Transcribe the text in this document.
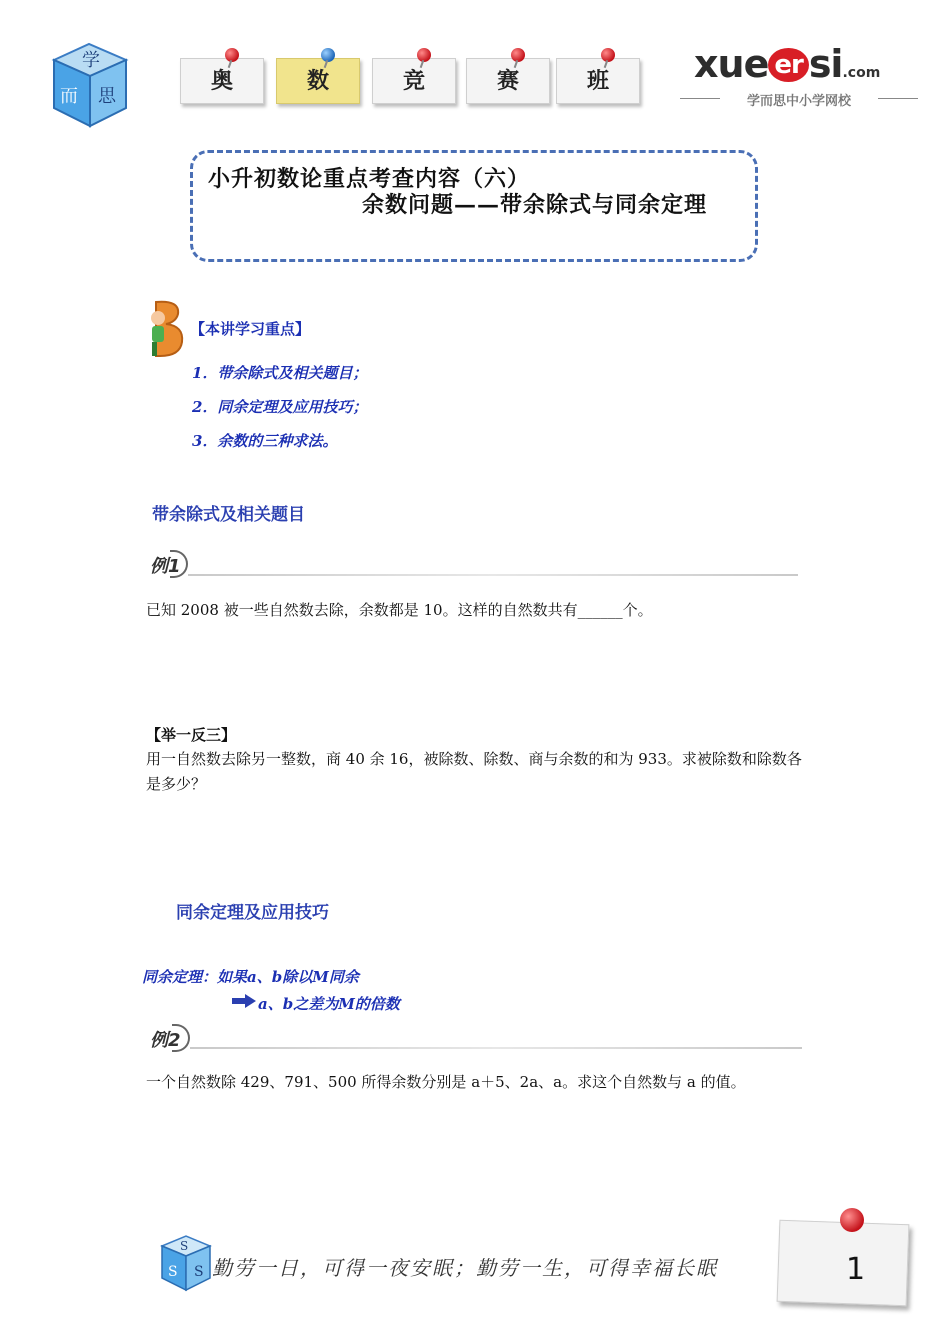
学
而 思
奥	数	竞	赛	班	xue er si.com
学而思中小学网校
小升初数论重点考查内容（六）
余数问题——带余除式与同余定理
【本讲学习重点】
1．带余除式及相关题目；
2．同余定理及应用技巧；
3．余数的三种求法。
带余除式及相关题目
例1
已知 2008 被一些自然数去除，余数都是 10。这样的自然数共有______个。
【举一反三】
用一自然数去除另一整数，商 40 余 16，被除数、除数、商与余数的和为 933。求被除数和除数各是多少？
同余定理及应用技巧
同余定理：如果a、b除以M同余
a、b之差为M的倍数
例2
一个自然数除 429、791、500 所得余数分别是 a＋5、2a、a。求这个自然数与 a 的值。
S
S S 勤劳一日，可得一夜安眠；勤劳一生，可得幸福长眠	1
